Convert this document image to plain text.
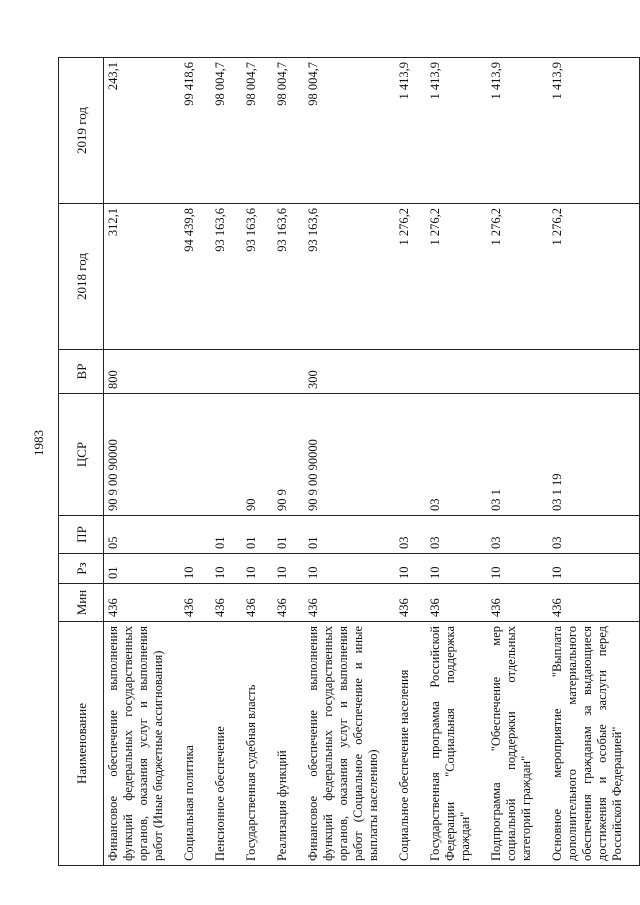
1983
Наименование	Мин	Рз	ПР	ЦСР	ВР	2018 год	2019 год
Финансовое обеспечение выполнения функций федеральных государственных органов, оказания услуг и выполнения работ (Иные бюджетные ассигнования)	436	01	05	90 9 00 90000	800	312,1	243,1
Социальная политика	436	10				94 439,8	99 418,6
Пенсионное обеспечение	436	10	01			93 163,6	98 004,7
Государственная судебная власть	436	10	01	90		93 163,6	98 004,7
Реализация функций	436	10	01	90 9		93 163,6	98 004,7
Финансовое обеспечение выполнения функций федеральных государственных органов, оказания услуг и выполнения работ (Социальное обеспечение и иные выплаты населению)	436	10	01	90 9 00 90000	300	93 163,6	98 004,7
Социальное обеспечение населения	436	10	03			1 276,2	1 413,9
Государственная программа Российской Федерации "Социальная поддержка граждан"	436	10	03	03		1 276,2	1 413,9
Подпрограмма "Обеспечение мер социальной поддержки отдельных категорий граждан"	436	10	03	03 1		1 276,2	1 413,9
Основное мероприятие "Выплата дополнительного материального обеспечения гражданам за выдающиеся достижения и особые заслуги перед Российской Федерацией"	436	10	03	03 1 19		1 276,2	1 413,9
